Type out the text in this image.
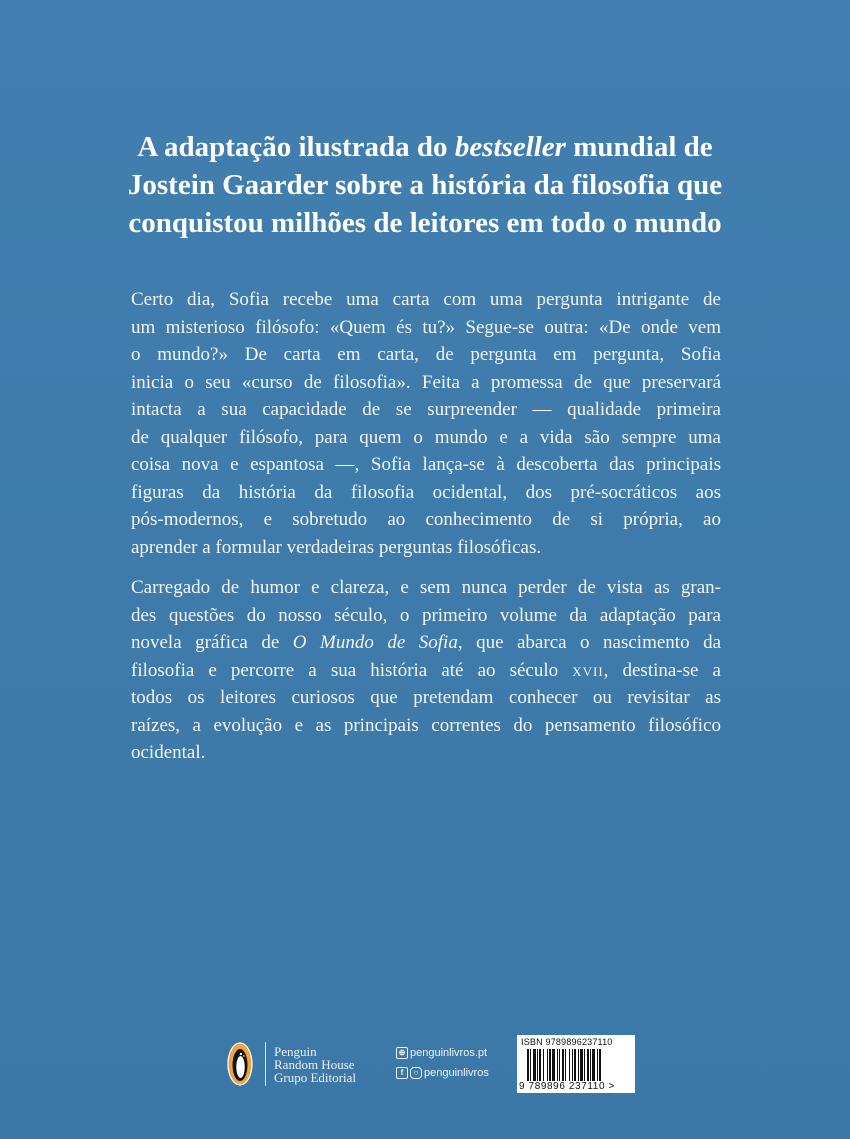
A adaptação ilustrada do bestseller mundial de
Jostein Gaarder sobre a história da filosofia que
conquistou milhões de leitores em todo o mundo

Certo dia, Sofia recebe uma carta com uma pergunta intrigante de
um misterioso filósofo: «Quem és tu?» Segue-se outra: «De onde vem
o mundo?» De carta em carta, de pergunta em pergunta, Sofia
inicia o seu «curso de filosofia». Feita a promessa de que preservará
intacta a sua capacidade de se surpreender — qualidade primeira
de qualquer filósofo, para quem o mundo e a vida são sempre uma
coisa nova e espantosa —, Sofia lança-se à descoberta das principais
figuras da história da filosofia ocidental, dos pré-socráticos aos
pós-modernos, e sobretudo ao conhecimento de si própria, ao
aprender a formular verdadeiras perguntas filosóficas.

Carregado de humor e clareza, e sem nunca perder de vista as gran-
des questões do nosso século, o primeiro volume da adaptação para
novela gráfica de O Mundo de Sofia, que abarca o nascimento da
filosofia e percorre a sua história até ao século xvii, destina-se a
todos os leitores curiosos que pretendam conhecer ou revisitar as
raízes, a evolução e as principais correntes do pensamento filosófico
ocidental.

Penguin
Random House
Grupo Editorial
⊕ penguinlivros.pt
f	○ penguinlivros
ISBN 9789896237110
9 789896 237110 >
